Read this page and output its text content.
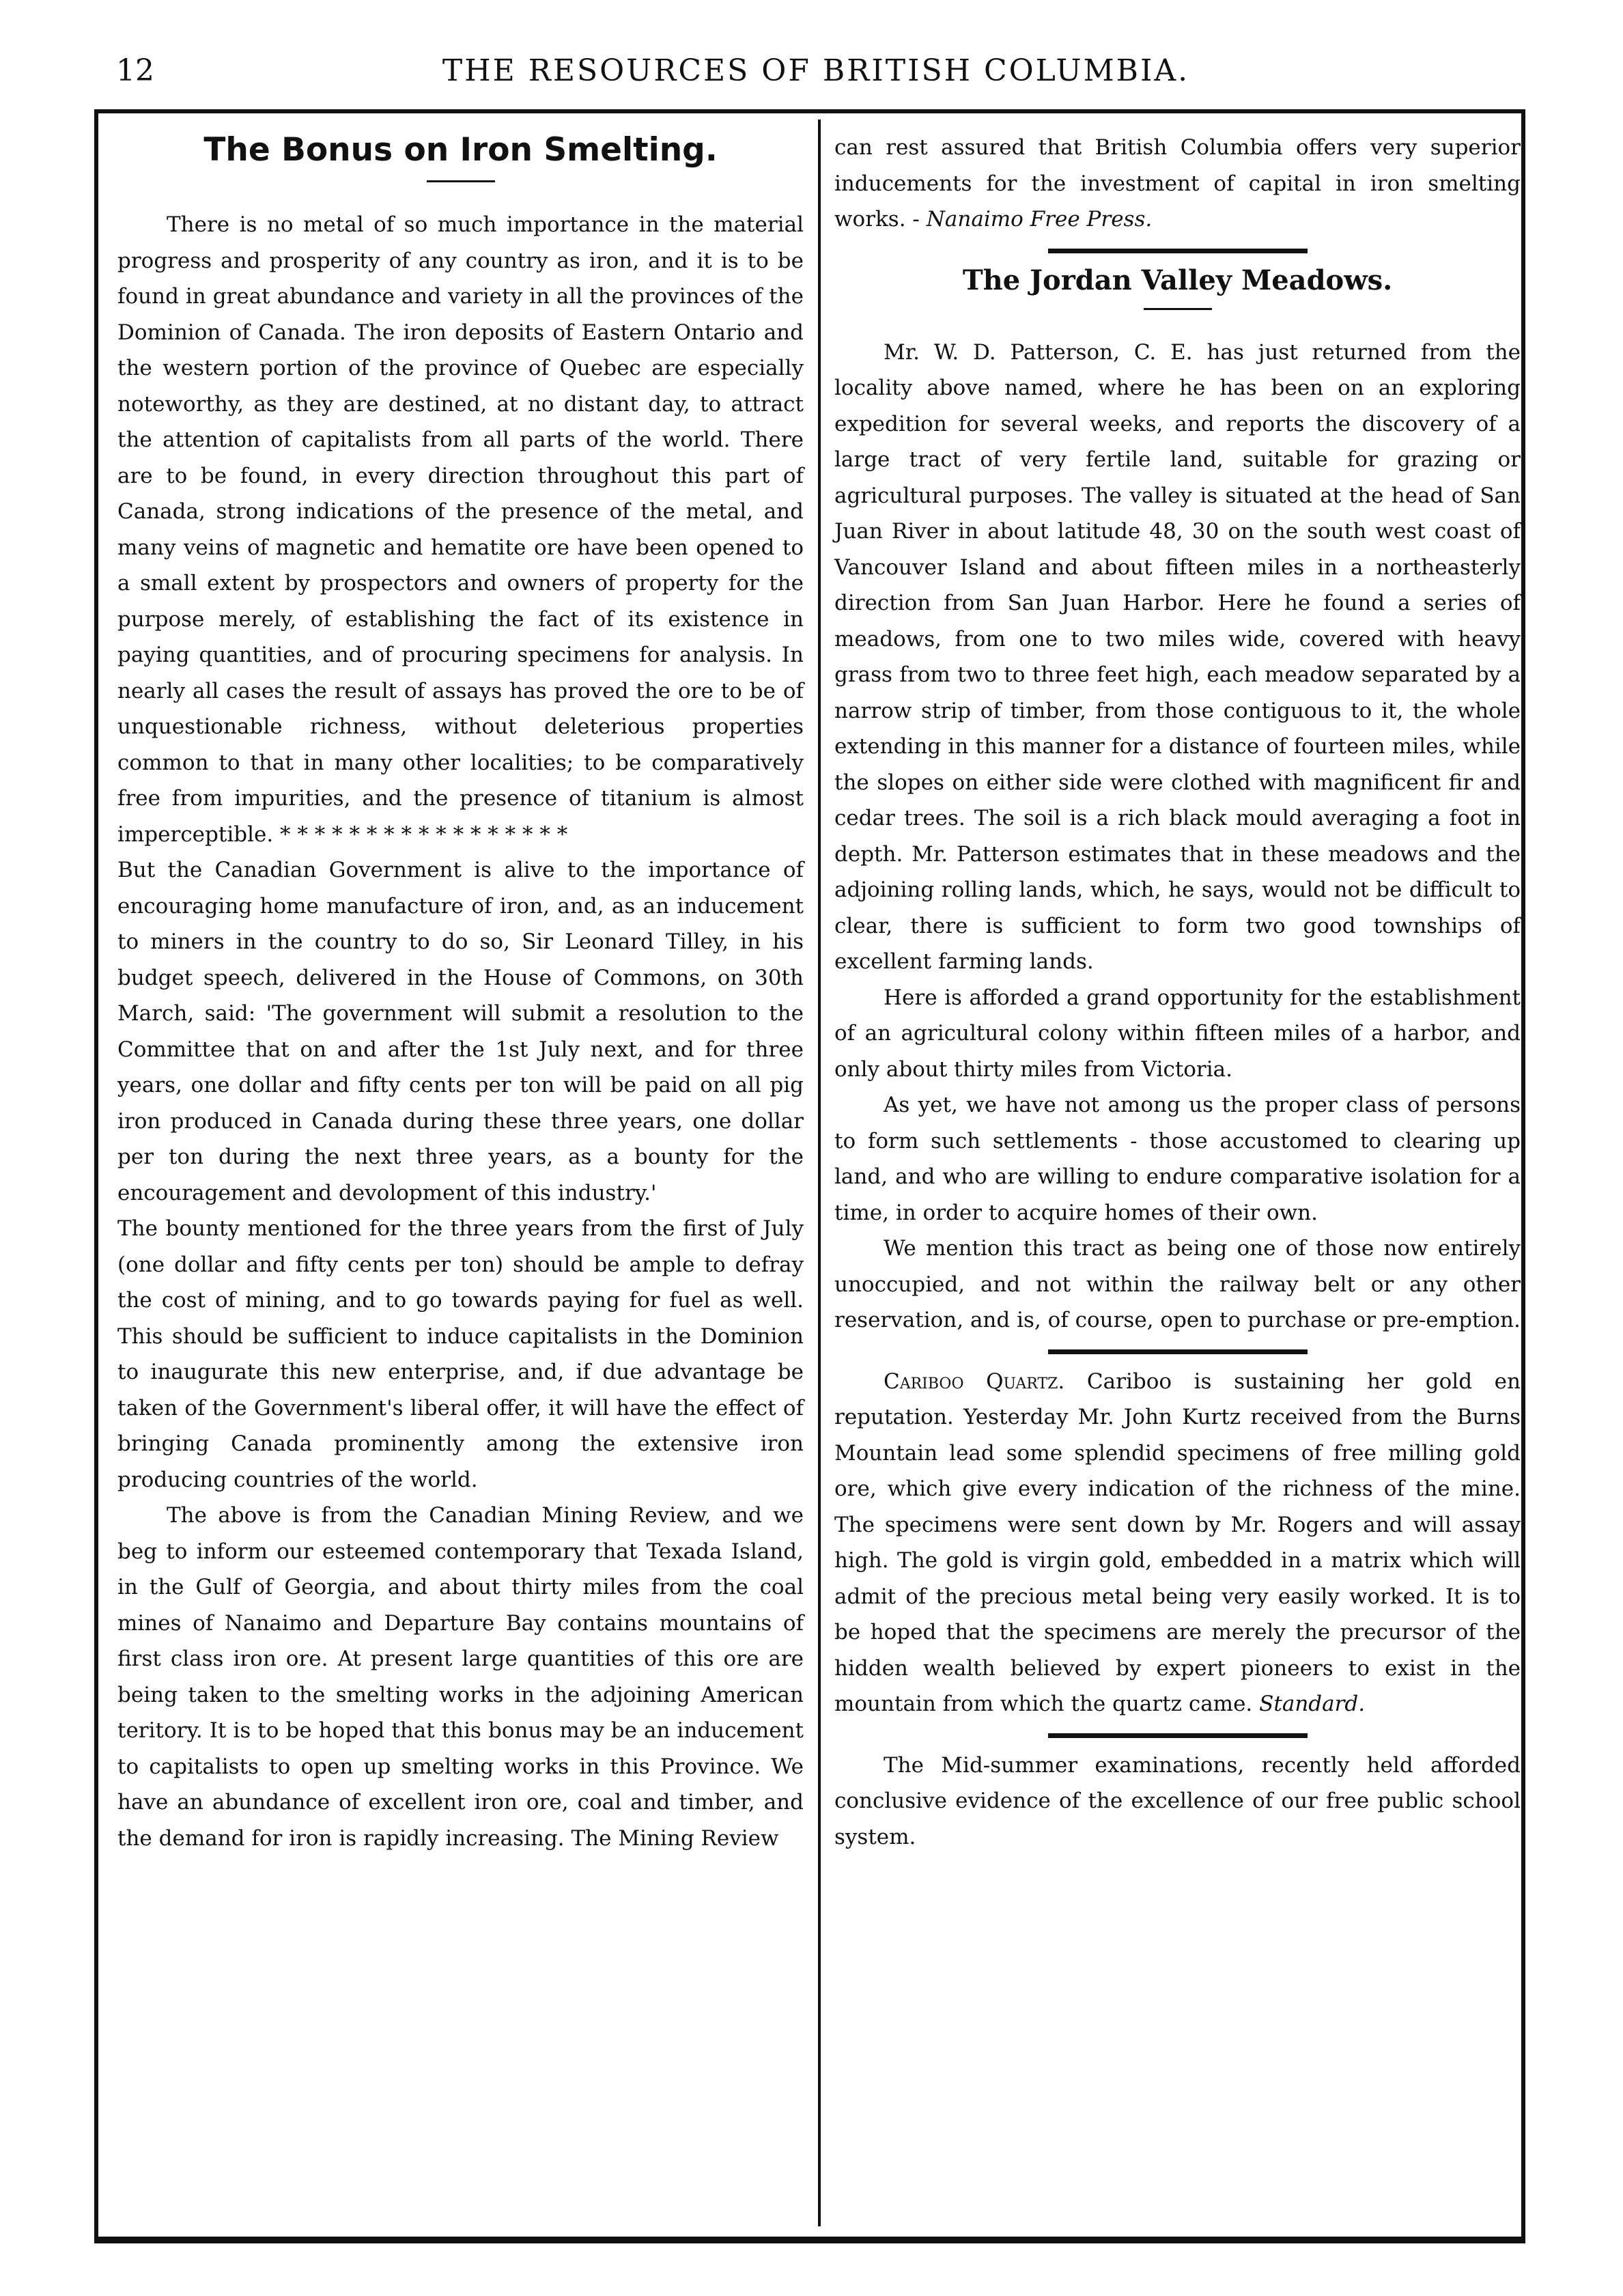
12	THE RESOURCES OF BRITISH COLUMBIA.
The Bonus on Iron Smelting.

There is no metal of so much importance in the material progress and prosperity of any country as iron, and it is to be found in great abundance and variety in all the provinces of the Dominion of Canada. The iron deposits of Eastern Ontario and the western portion of the province of Quebec are especially noteworthy, as they are destined, at no distant day, to attract the attention of capitalists from all parts of the world. There are to be found, in every direction throughout this part of Canada, strong indications of the presence of the metal, and many veins of magnetic and hematite ore have been opened to a small extent by prospectors and owners of property for the purpose merely, of establishing the fact of its existence in paying quantities, and of procuring specimens for analysis. In nearly all cases the result of assays has proved the ore to be of unquestionable richness, without deleterious properties common to that in many other localities; to be comparatively free from impurities, and the presence of titanium is almost imperceptible. * * * * * * * * * * * * * * * * *

But the Canadian Government is alive to the importance of encouraging home manufacture of iron, and, as an inducement to miners in the country to do so, Sir Leonard Tilley, in his budget speech, delivered in the House of Commons, on 30th March, said: 'The government will submit a resolution to the Committee that on and after the 1st July next, and for three years, one dollar and fifty cents per ton will be paid on all pig iron produced in Canada during these three years, one dollar per ton during the next three years, as a bounty for the encouragement and devolopment of this industry.'

The bounty mentioned for the three years from the first of July (one dollar and fifty cents per ton) should be ample to defray the cost of mining, and to go towards paying for fuel as well. This should be sufficient to induce capitalists in the Dominion to inaugurate this new enterprise, and, if due advantage be taken of the Government's liberal offer, it will have the effect of bringing Canada prominently among the extensive iron producing countries of the world.

The above is from the Canadian Mining Review, and we beg to inform our esteemed contemporary that Texada Island, in the Gulf of Georgia, and about thirty miles from the coal mines of Nanaimo and Departure Bay contains mountains of first class iron ore. At present large quantities of this ore are being taken to the smelting works in the adjoining American teritory. It is to be hoped that this bonus may be an inducement to capitalists to open up smelting works in this Province. We have an abundance of excellent iron ore, coal and timber, and the demand for iron is rapidly increasing. The Mining Review

can rest assured that British Columbia offers very superior inducements for the investment of capital in iron smelting works. - Nanaimo Free Press.

The Jordan Valley Meadows.

Mr. W. D. Patterson, C. E. has just returned from the locality above named, where he has been on an exploring expedition for several weeks, and reports the discovery of a large tract of very fertile land, suitable for grazing or agricultural purposes. The valley is situated at the head of San Juan River in about latitude 48, 30 on the south west coast of Vancouver Island and about fifteen miles in a northeasterly direction from San Juan Harbor. Here he found a series of meadows, from one to two miles wide, covered with heavy grass from two to three feet high, each meadow separated by a narrow strip of timber, from those contiguous to it, the whole extending in this manner for a distance of fourteen miles, while the slopes on either side were clothed with magnificent fir and cedar trees. The soil is a rich black mould averaging a foot in depth. Mr. Patterson estimates that in these meadows and the adjoining rolling lands, which, he says, would not be difficult to clear, there is sufficient to form two good townships of excellent farming lands.

Here is afforded a grand opportunity for the establishment of an agricultural colony within fifteen miles of a harbor, and only about thirty miles from Victoria.

As yet, we have not among us the proper class of persons to form such settlements - those accustomed to clearing up land, and who are willing to endure comparative isolation for a time, in order to acquire homes of their own.

We mention this tract as being one of those now entirely unoccupied, and not within the railway belt or any other reservation, and is, of course, open to purchase or pre-emption.

Cariboo Quartz. Cariboo is sustaining her gold en reputation. Yesterday Mr. John Kurtz received from the Burns Mountain lead some splendid specimens of free milling gold ore, which give every indication of the richness of the mine. The specimens were sent down by Mr. Rogers and will assay high. The gold is virgin gold, embedded in a matrix which will admit of the precious metal being very easily worked. It is to be hoped that the specimens are merely the precursor of the hidden wealth believed by expert pioneers to exist in the mountain from which the quartz came. Standard.

The Mid-summer examinations, recently held afforded conclusive evidence of the excellence of our free public school system.
